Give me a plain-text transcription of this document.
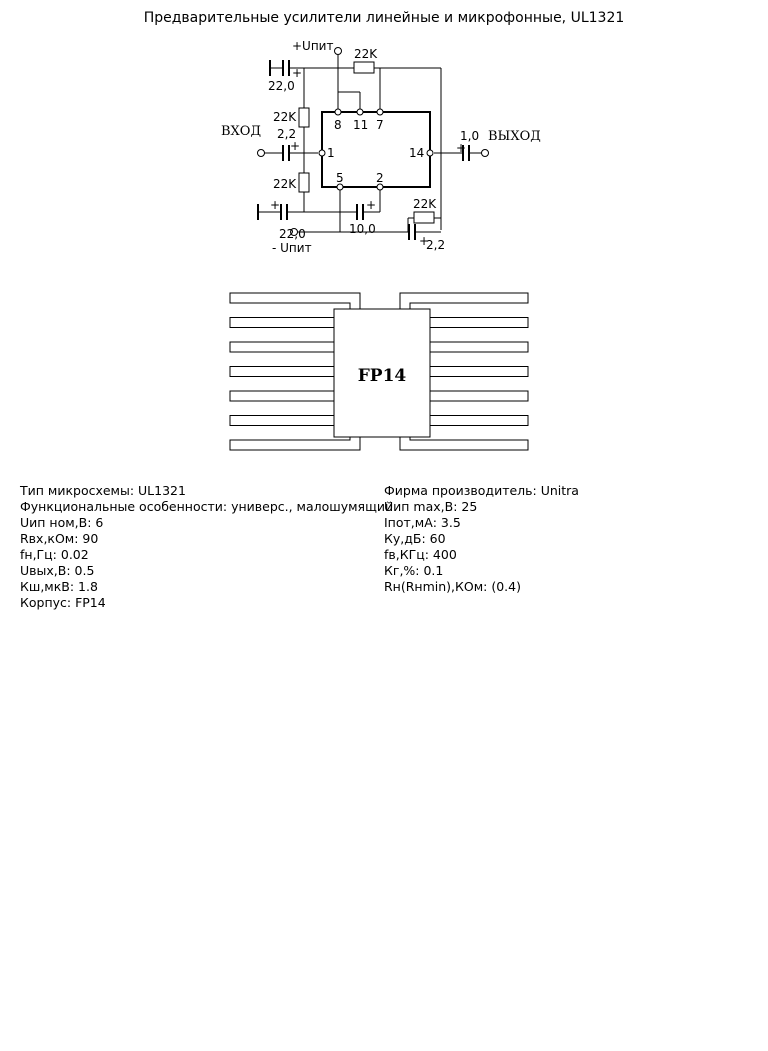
Предварительные усилители линейные и микрофонные, UL1321
+Uпит
22K
+
22,0
22K
ВХОД 2,2
+
22K
+
22,0
- Uпит
+
10,0
22K
2,2
+
1,0
+
ВЫХОД
8 11 7
1	14
5	2
FP14
Тип микросхемы: UL1321
Функциональные особенности: универс., малошумящий
Uип ном,В: 6
Rвх,кОм: 90
fн,Гц: 0.02
Uвых,В: 0.5
Кш,мкВ: 1.8
Корпус: FP14
Фирма производитель: Unitra
Uип max,В: 25
Iпот,мА: 3.5
Ку,дБ: 60
fв,КГц: 400
Кг,%: 0.1
Rн(Rнmin),КОм: (0.4)
